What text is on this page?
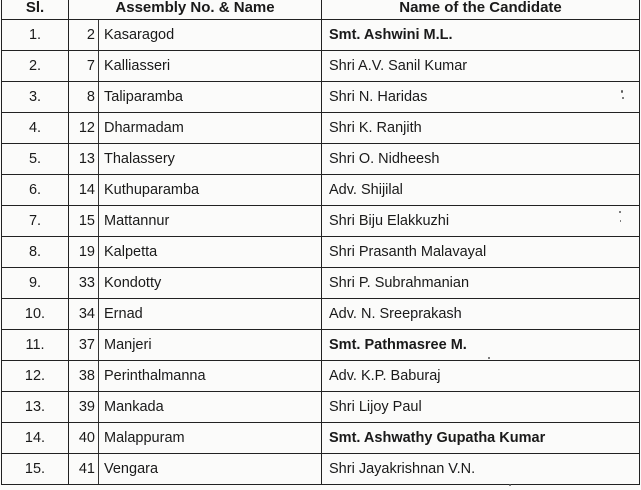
Sl.	Assembly No. & Name		Name of the Candidate
1.	2	Kasaragod	Smt. Ashwini M.L.
2.	7	Kalliasseri	Shri A.V. Sanil Kumar
3.	8	Taliparamba	Shri N. Haridas
4.	12	Dharmadam	Shri K. Ranjith
5.	13	Thalassery	Shri O. Nidheesh
6.	14	Kuthuparamba	Adv. Shijilal
7.	15	Mattannur	Shri Biju Elakkuzhi
8.	19	Kalpetta	Shri Prasanth Malavayal
9.	33	Kondotty	Shri P. Subrahmanian
10.	34	Ernad	Adv. N. Sreeprakash
11.	37	Manjeri	Smt. Pathmasree M.
12.	38	Perinthalmanna	Adv. K.P. Baburaj
13.	39	Mankada	Shri Lijoy Paul
14.	40	Malappuram	Smt. Ashwathy Gupatha Kumar
15.	41	Vengara	Shri Jayakrishnan V.N.
